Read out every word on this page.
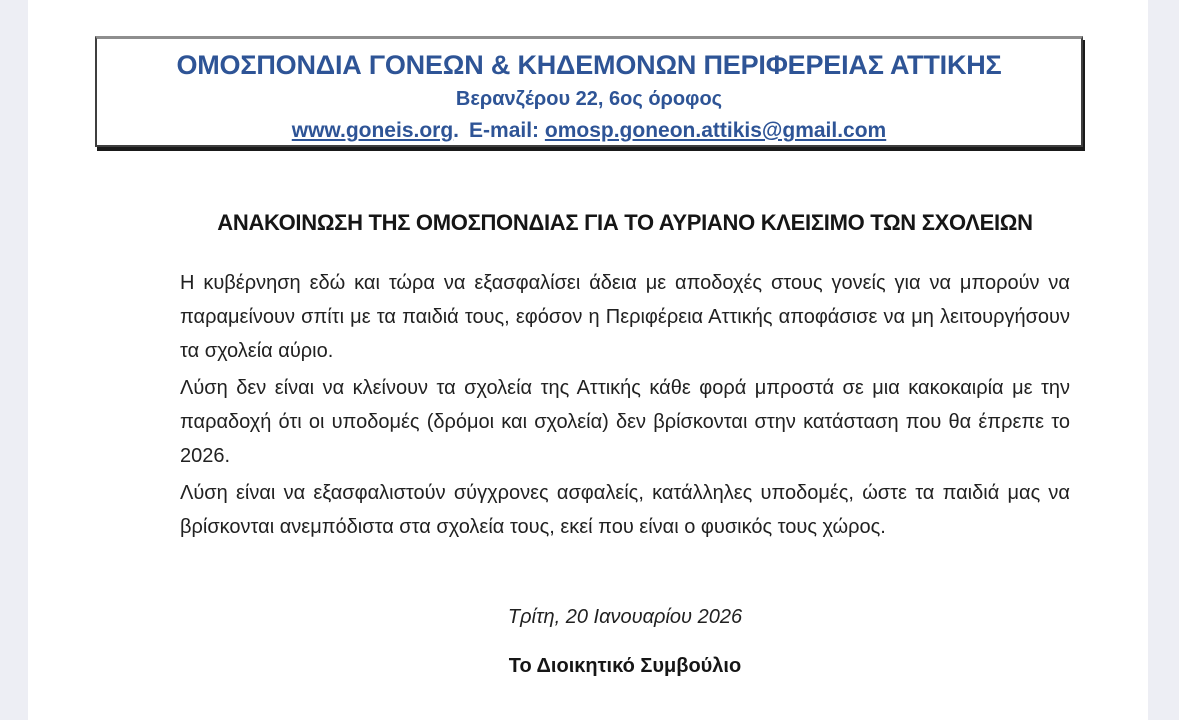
ΟΜΟΣΠΟΝΔΙΑ ΓΟΝΕΩΝ & ΚΗΔΕΜΟΝΩΝ ΠΕΡΙΦΕΡΕΙΑΣ ΑΤΤΙΚΗΣ
Βερανζέρου 22, 6ος όροφος
www.goneis.org. E-mail: omosp.goneon.attikis@gmail.com
ΑΝΑΚΟΙΝΩΣΗ ΤΗΣ ΟΜΟΣΠΟΝΔΙΑΣ ΓΙΑ ΤΟ ΑΥΡΙΑΝΟ ΚΛΕΙΣΙΜΟ ΤΩΝ ΣΧΟΛΕΙΩΝ

Η κυβέρνηση εδώ και τώρα να εξασφαλίσει άδεια με αποδοχές στους γονείς για να μπορούν να παραμείνουν σπίτι με τα παιδιά τους, εφόσον η Περιφέρεια Αττικής αποφάσισε να μη λειτουργήσουν τα σχολεία αύριο.

Λύση δεν είναι να κλείνουν τα σχολεία της Αττικής κάθε φορά μπροστά σε μια κακοκαιρία με την παραδοχή ότι οι υποδομές (δρόμοι και σχολεία) δεν βρίσκονται στην κατάσταση που θα έπρεπε το 2026.

Λύση είναι να εξασφαλιστούν σύγχρονες ασφαλείς, κατάλληλες υποδομές, ώστε τα παιδιά μας να βρίσκονται ανεμπόδιστα στα σχολεία τους, εκεί που είναι ο φυσικός τους χώρος.

Τρίτη, 20 Ιανουαρίου 2026
Το Διοικητικό Συμβούλιο
